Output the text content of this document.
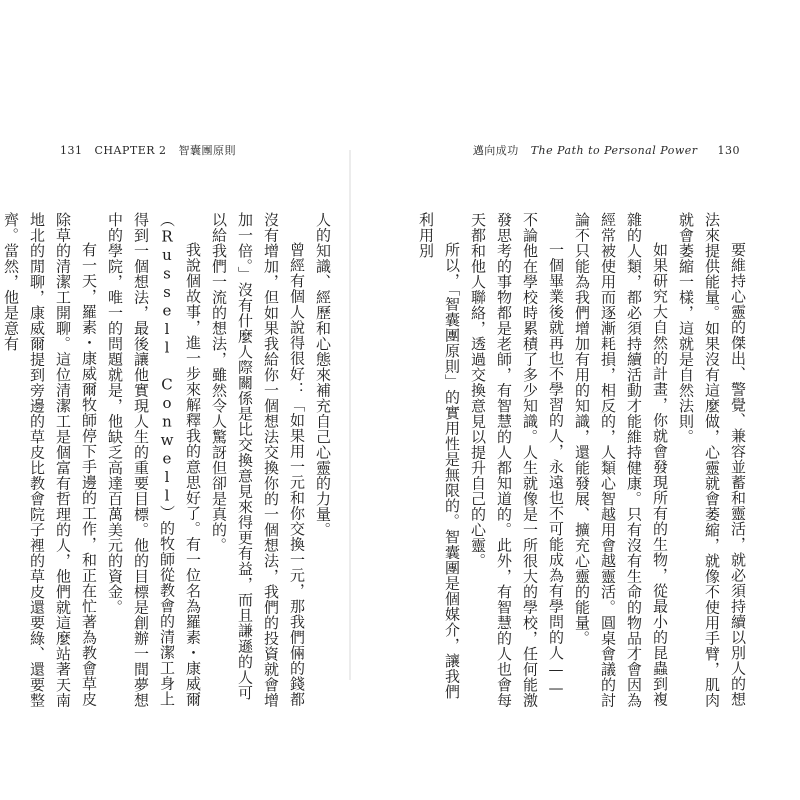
131 CHAPTER 2 智囊團原則	邁向成功 The Path to Personal Power 130

要維持心靈的傑出、警覺、兼容並蓄和靈活，就必須持續以別人的想法來提供能量。如果沒有這麼做，心靈就會萎縮，就像不使用手臂，肌肉就會萎縮一樣，這就是自然法則。

如果研究大自然的計畫，你就會發現所有的生物，從最小的昆蟲到複雜的人類，都必須持續活動才能維持健康。只有沒有生命的物品才會因為經常被使用而逐漸耗損，相反的，人類心智越用會越靈活。圓桌會議的討論不只能為我們增加有用的知識，還能發展、擴充心靈的能量。

一個畢業後就再也不學習的人，永遠也不可能成為有學問的人——不論他在學校時累積了多少知識。人生就像是一所很大的學校，任何能激發思考的事物都是老師，有智慧的人都知道的。此外，有智慧的人也會每天都和他人聯絡，透過交換意見以提升自己的心靈。

所以，「智囊團原則」的實用性是無限的。智囊團是個媒介，讓我們利用別

人的知識、經歷和心態來補充自己心靈的力量。

曾經有個人說得很好：「如果用一元和你交換一元，那我們倆的錢都沒有增加，但如果我給你一個想法交換你的一個想法，我們的投資就會增加一倍。」沒有什麼人際關係是比交換意見來得更有益，而且謙遜的人可以給我們一流的想法，雖然令人驚訝但卻是真的。

我說個故事，進一步來解釋我的意思好了。有一位名為羅素・康威爾（Russell Conwell）的牧師從教會的清潔工身上得到一個想法，最後讓他實現人生的重要目標。他的目標是創辦一間夢想中的學院，唯一的問題就是，他缺乏高達百萬美元的資金。

有一天，羅素・康威爾牧師停下手邊的工作，和正在忙著為教會草皮除草的清潔工開聊。這位清潔工是個富有哲理的人，他們就這麼站著天南地北的閒聊，康威爾提到旁邊的草皮比教會院子裡的草皮還要綠、還要整齊。當然，他是意有
